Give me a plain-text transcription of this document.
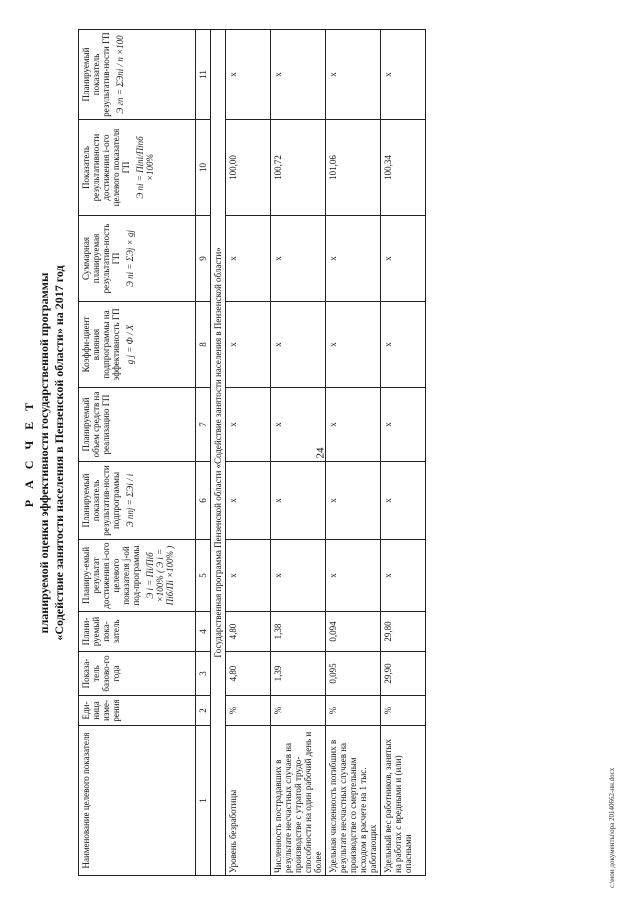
24
Р А С Ч Е Т планируемой оценки эффективности государственной программы «Содействие занятости населения в Пензенской области» на 2017 год
Наименование целевого показателя	Еди-ница изме-рения	Показа-тель базово-го года	Плани-руемый пока-затель	Планиру-емый результат достижения i-ого целевого показателя j-ой под-программы Э i = Пi/Пiб ×100% ( Э i = Пiб/Пi ×100% )	Планируемый показатель результатив-ности подпрограммы Э ппj = ΣЭi / i	Планируемый объем средств на реализацию ГП	Коэффи-циент влияния подпрограммы на эффективность ГП g j = Ф / X	Суммарная планируемая результатив-ность ГП Э пi = ΣЭj × gj	Показатель результативности достижения i-ого целевого показателя ГП Э пi = Пiпi/Пiпб ×100%	Планируемый показатель результатив-ности ГП Э гп = ΣЭпi / n ×100

1	2	3	4	5	6	7	8	9	10	11
Государственная программа Пензенской области «Содействие занятости населения в Пензенской области»										
Уровень безработицы	%	4,80	4,80	x	x	x	x	x	100,00	x
Численность пострадавших в результате несчастных случаев на производстве с утратой трудо-способности на один рабочий день и более	%	1,39	1,38	x	x	x	x	x	100,72	x
Удельная численность погибших в результате несчастных случаев на производстве со смертельным исходом в расчете на 1 тыс. работающих	%	0,095	0,094	x	x	x	x	x	101,06	x
Удельный вес работников, занятых на работах с вредными и (или) опасными	%	29,90	29,80	x	x	x	x	x	100,34	x
c:\мои документы\ора 20140662-нн.docx
